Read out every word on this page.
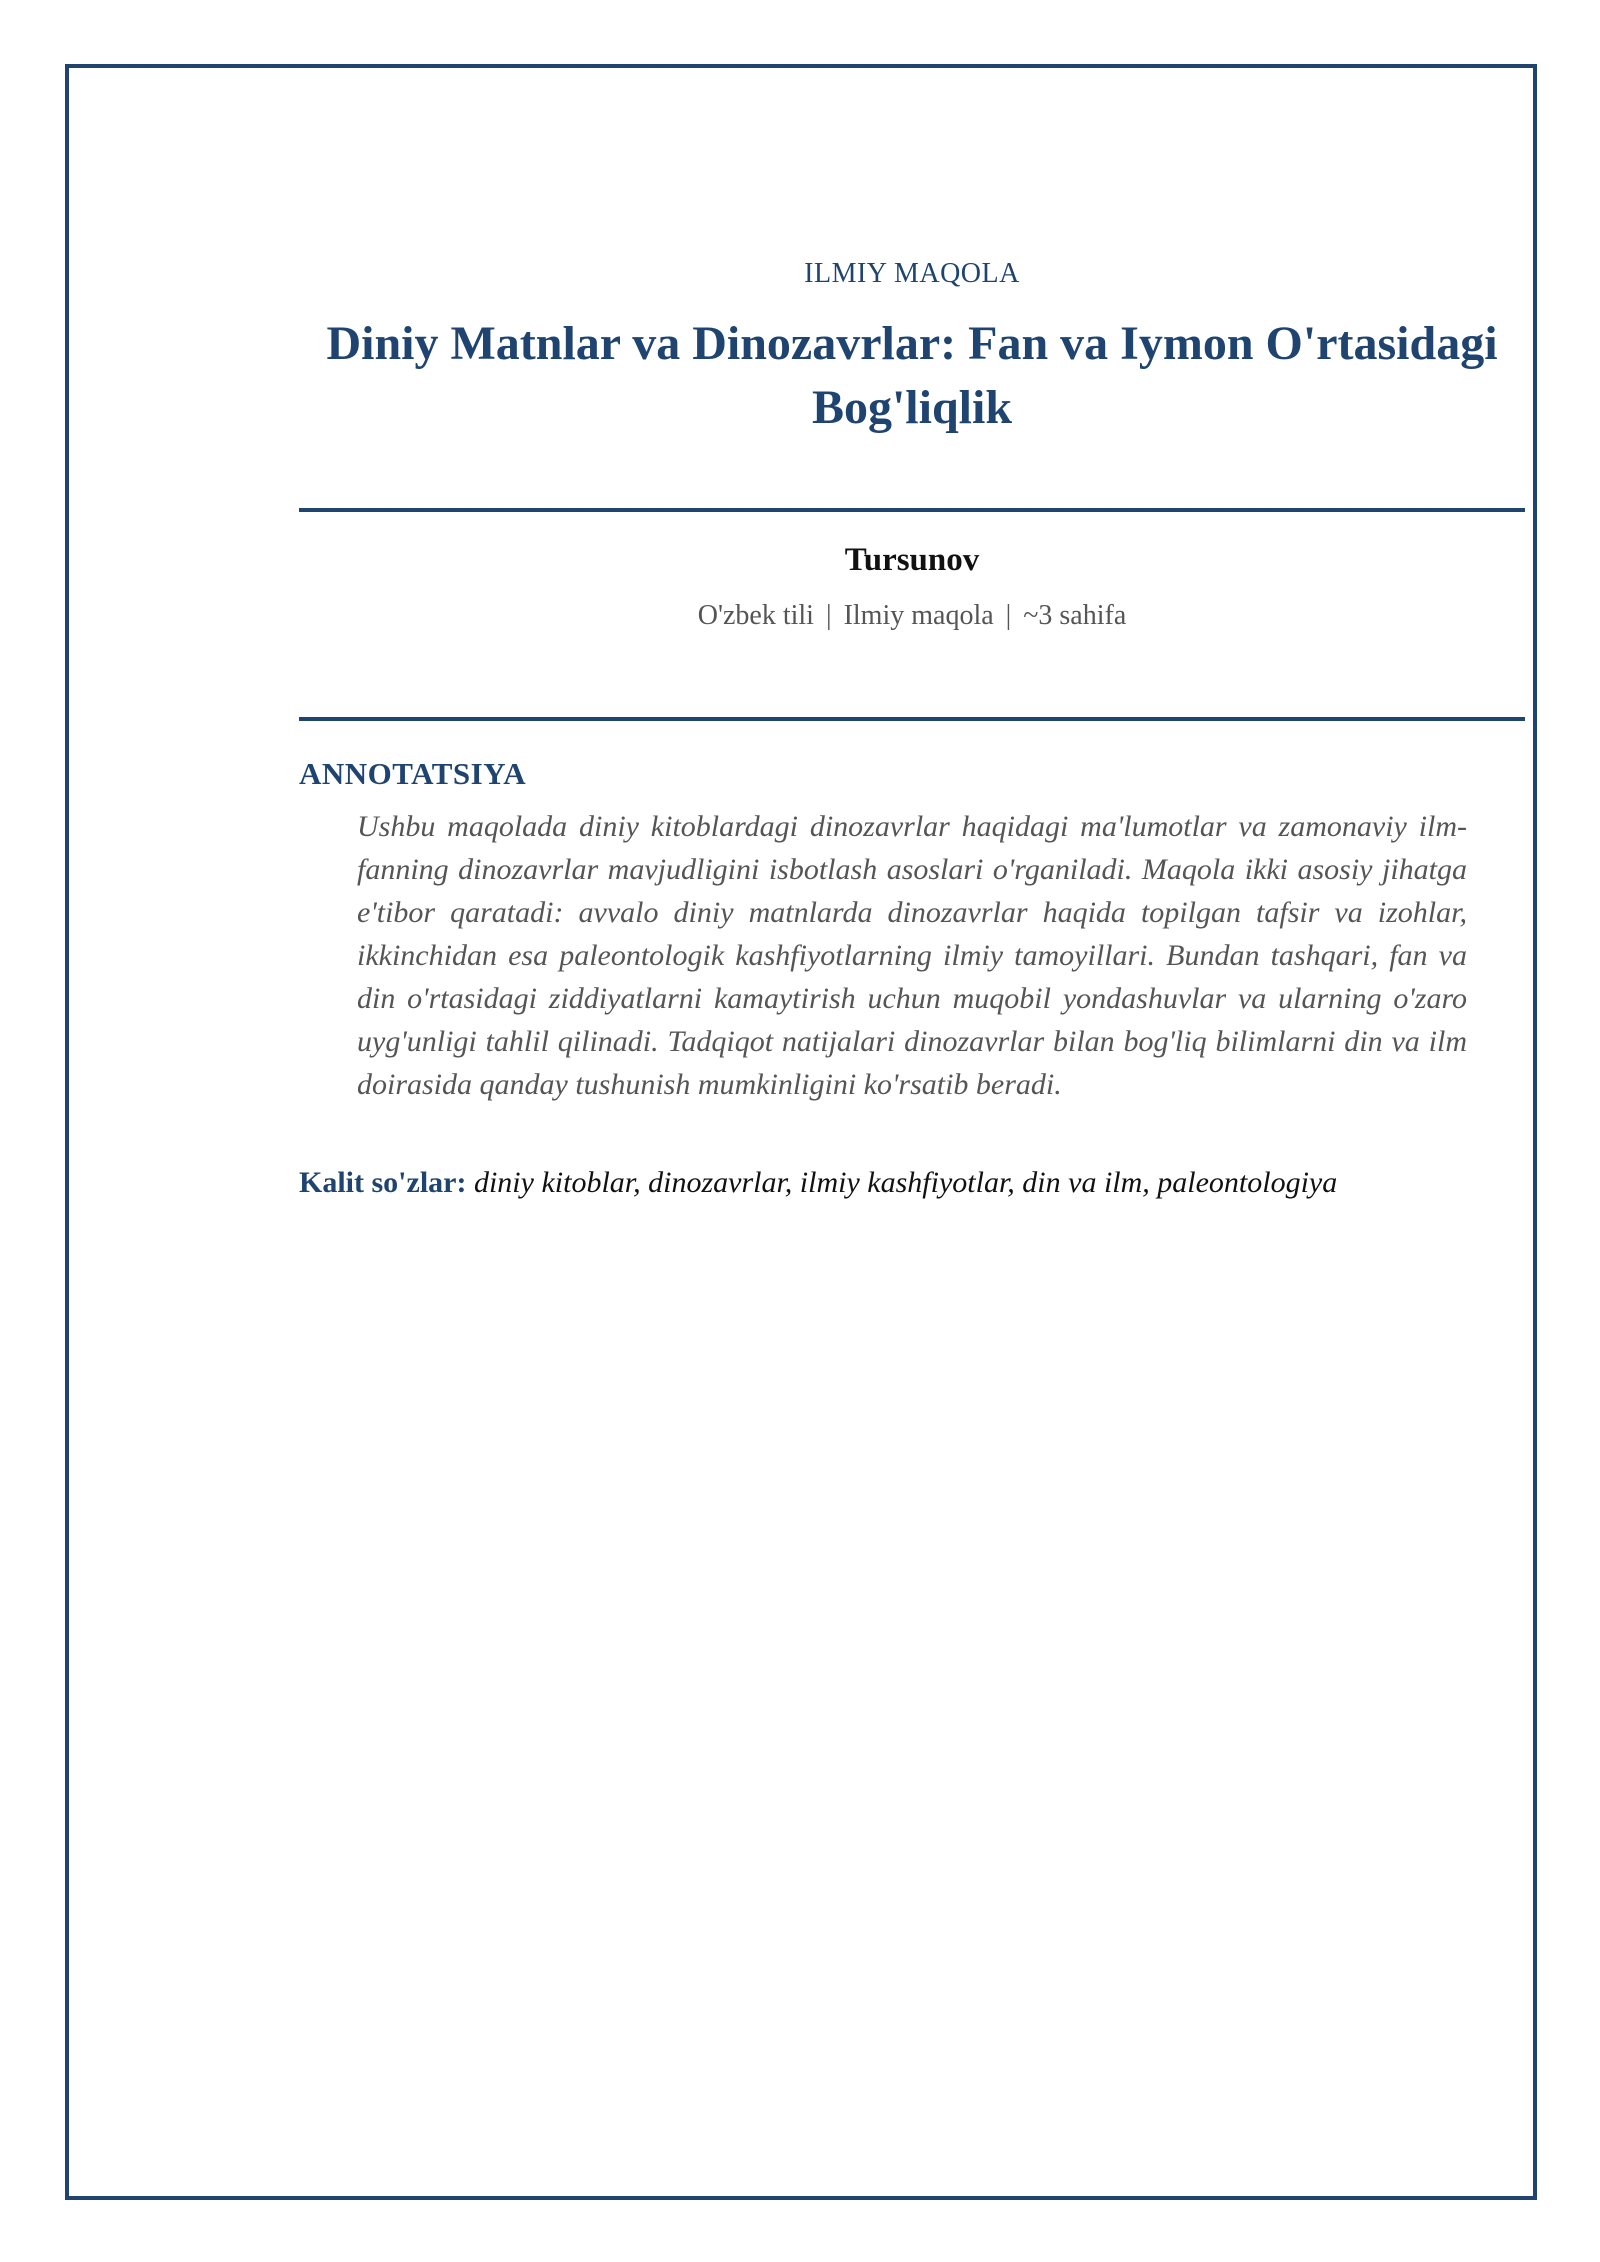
ILMIY MAQOLA
Diniy Matnlar va Dinozavrlar: Fan va Iymon O'rtasidagi Bog'liqlik
Tursunov
O'zbek tili | Ilmiy maqola | ~3 sahifa
ANNOTATSIYA

Ushbu maqolada diniy kitoblardagi dinozavrlar haqidagi ma'lumotlar va zamonaviy ilm-fanning dinozavrlar mavjudligini isbotlash asoslari o'rganiladi. Maqola ikki asosiy jihatga e'tibor qaratadi: avvalo diniy matnlarda dinozavrlar haqida topilgan tafsir va izohlar, ikkinchidan esa paleontologik kashfiyotlarning ilmiy tamoyillari. Bundan tashqari, fan va din o'rtasidagi ziddiyatlarni kamaytirish uchun muqobil yondashuvlar va ularning o'zaro uyg'unligi tahlil qilinadi. Tadqiqot natijalari dinozavrlar bilan bog'liq bilimlarni din va ilm doirasida qanday tushunish mumkinligini ko'rsatib beradi.

Kalit so'zlar: diniy kitoblar, dinozavrlar, ilmiy kashfiyotlar, din va ilm, paleontologiya
